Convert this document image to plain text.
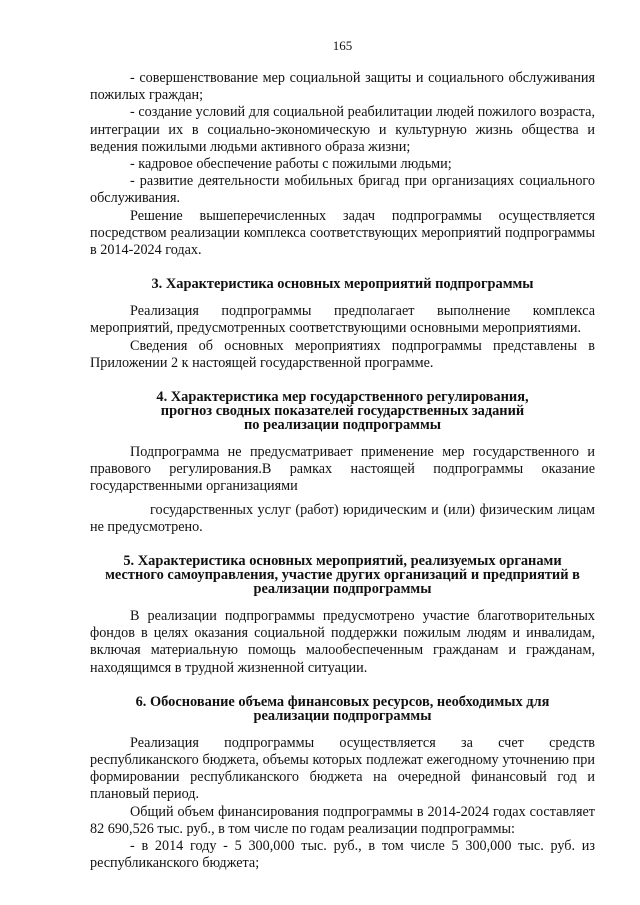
165

- совершенствование мер социальной защиты и социального обслуживания пожилых граждан;

- создание условий для социальной реабилитации людей пожилого возраста, интеграции их в социально-экономическую и культурную жизнь общества и ведения пожилыми людьми активного образа жизни;

- кадровое обеспечение работы с пожилыми людьми;

- развитие деятельности мобильных бригад при организациях социального обслуживания.

Решение вышеперечисленных задач подпрограммы осуществляется посредством реализации комплекса соответствующих мероприятий подпрограммы в 2014-2024 годах.

3. Характеристика основных мероприятий подпрограммы

Реализация подпрограммы предполагает выполнение комплекса мероприятий, предусмотренных соответствующими основными мероприятиями.

Сведения об основных мероприятиях подпрограммы представлены в Приложении 2 к настоящей государственной программе.

4. Характеристика мер государственного регулирования,
прогноз сводных показателей государственных заданий
по реализации подпрограммы

Подпрограмма не предусматривает применение мер государственного и правового регулирования.В рамках настоящей подпрограммы оказание государственными организациями

государственных услуг (работ) юридическим и (или) физическим лицам не предусмотрено.

5. Характеристика основных мероприятий, реализуемых органами
местного самоуправления, участие других организаций и предприятий в
реализации подпрограммы

В реализации подпрограммы предусмотрено участие благотворительных фондов в целях оказания социальной поддержки пожилым людям и инвалидам, включая материальную помощь малообеспеченным гражданам и гражданам, находящимся в трудной жизненной ситуации.

6. Обоснование объема финансовых ресурсов, необходимых для
реализации подпрограммы

Реализация подпрограммы осуществляется за счет средств республиканского бюджета, объемы которых подлежат ежегодному уточнению при формировании республиканского бюджета на очередной финансовый год и плановый период.

Общий объем финансирования подпрограммы в 2014-2024 годах составляет 82 690,526 тыс. руб., в том числе по годам реализации подпрограммы:

- в 2014 году - 5 300,000 тыс. руб., в том числе 5 300,000 тыс. руб. из республиканского бюджета;
